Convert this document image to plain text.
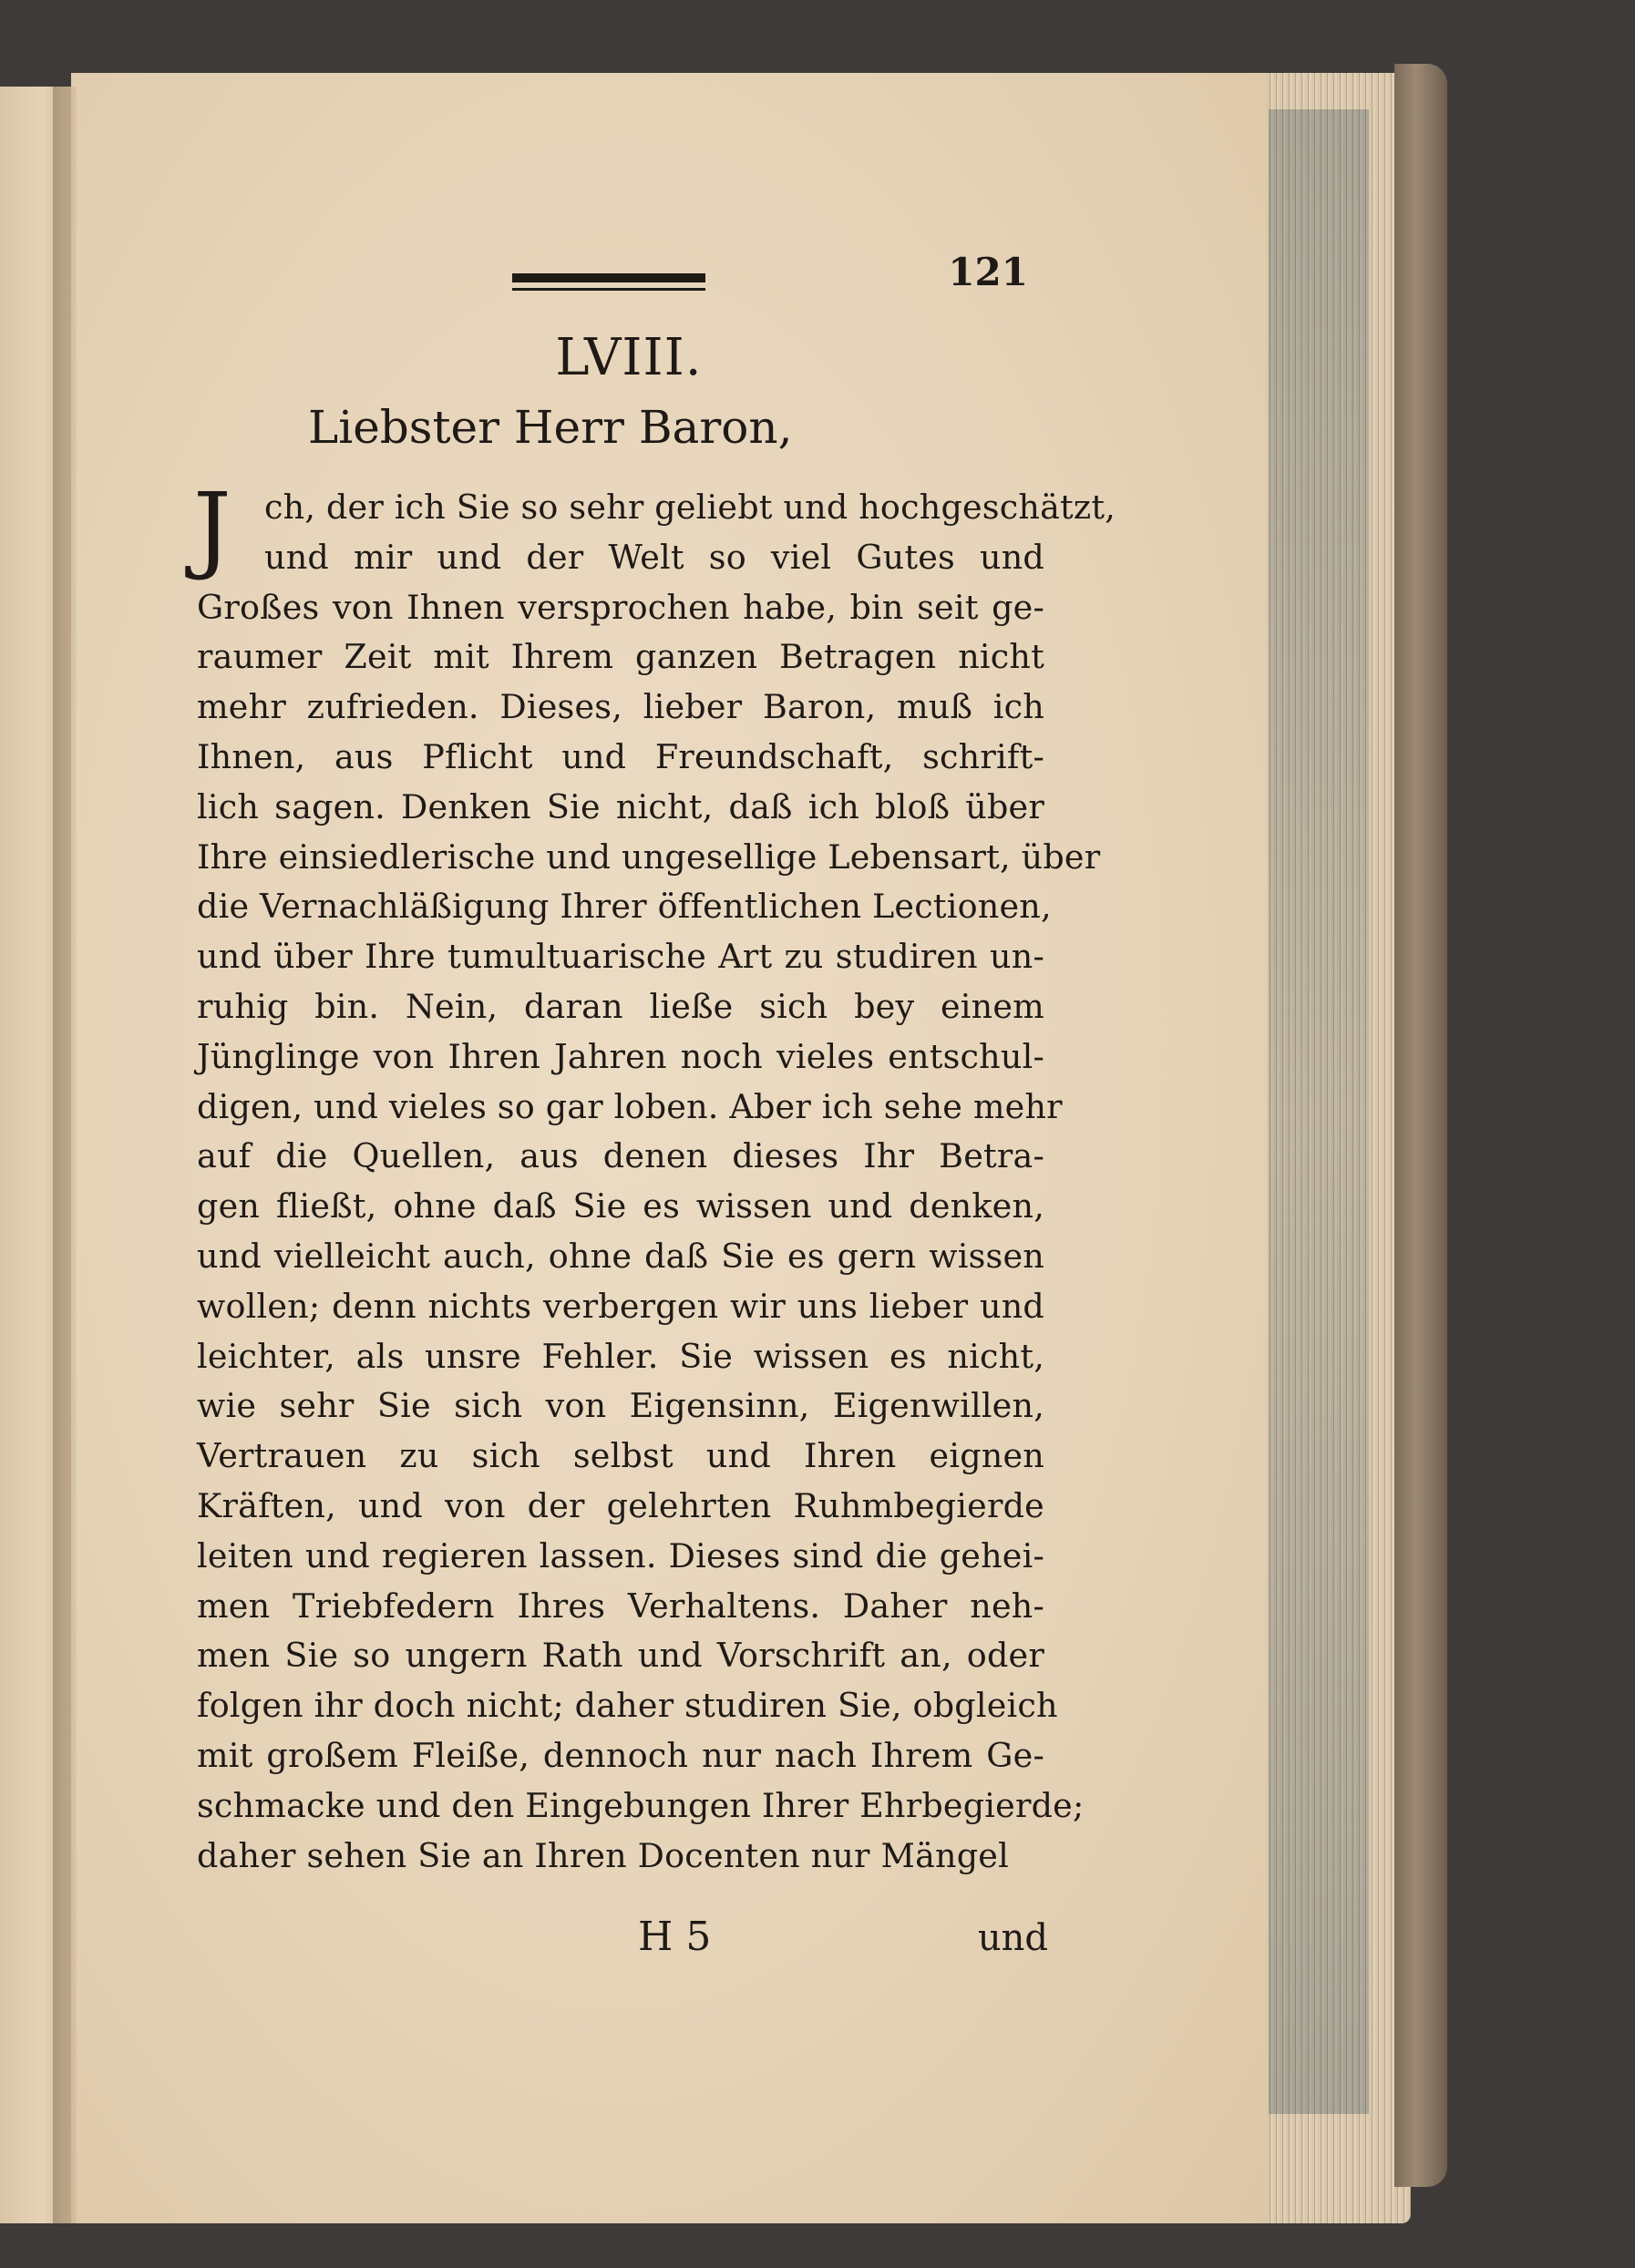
121
LVIII.
Liebster Herr Baron,
J ch, der ich Sie so sehr geliebt und hochgeschätzt,
und mir und der Welt so viel Gutes und
Großes von Ihnen versprochen habe, bin seit ge-
raumer Zeit mit Ihrem ganzen Betragen nicht
mehr zufrieden. Dieses, lieber Baron, muß ich
Ihnen, aus Pflicht und Freundschaft, schrift-
lich sagen. Denken Sie nicht, daß ich bloß über
Ihre einsiedlerische und ungesellige Lebensart, über
die Vernachläßigung Ihrer öffentlichen Lectionen,
und über Ihre tumultuarische Art zu studiren un-
ruhig bin. Nein, daran ließe sich bey einem
Jünglinge von Ihren Jahren noch vieles entschul-
digen, und vieles so gar loben. Aber ich sehe mehr
auf die Quellen, aus denen dieses Ihr Betra-
gen fließt, ohne daß Sie es wissen und denken,
und vielleicht auch, ohne daß Sie es gern wissen
wollen; denn nichts verbergen wir uns lieber und
leichter, als unsre Fehler. Sie wissen es nicht,
wie sehr Sie sich von Eigensinn, Eigenwillen,
Vertrauen zu sich selbst und Ihren eignen
Kräften, und von der gelehrten Ruhmbegierde
leiten und regieren lassen. Dieses sind die gehei-
men Triebfedern Ihres Verhaltens. Daher neh-
men Sie so ungern Rath und Vorschrift an, oder
folgen ihr doch nicht; daher studiren Sie, obgleich
mit großem Fleiße, dennoch nur nach Ihrem Ge-
schmacke und den Eingebungen Ihrer Ehrbegierde;
daher sehen Sie an Ihren Docenten nur Mängel
H 5	und
